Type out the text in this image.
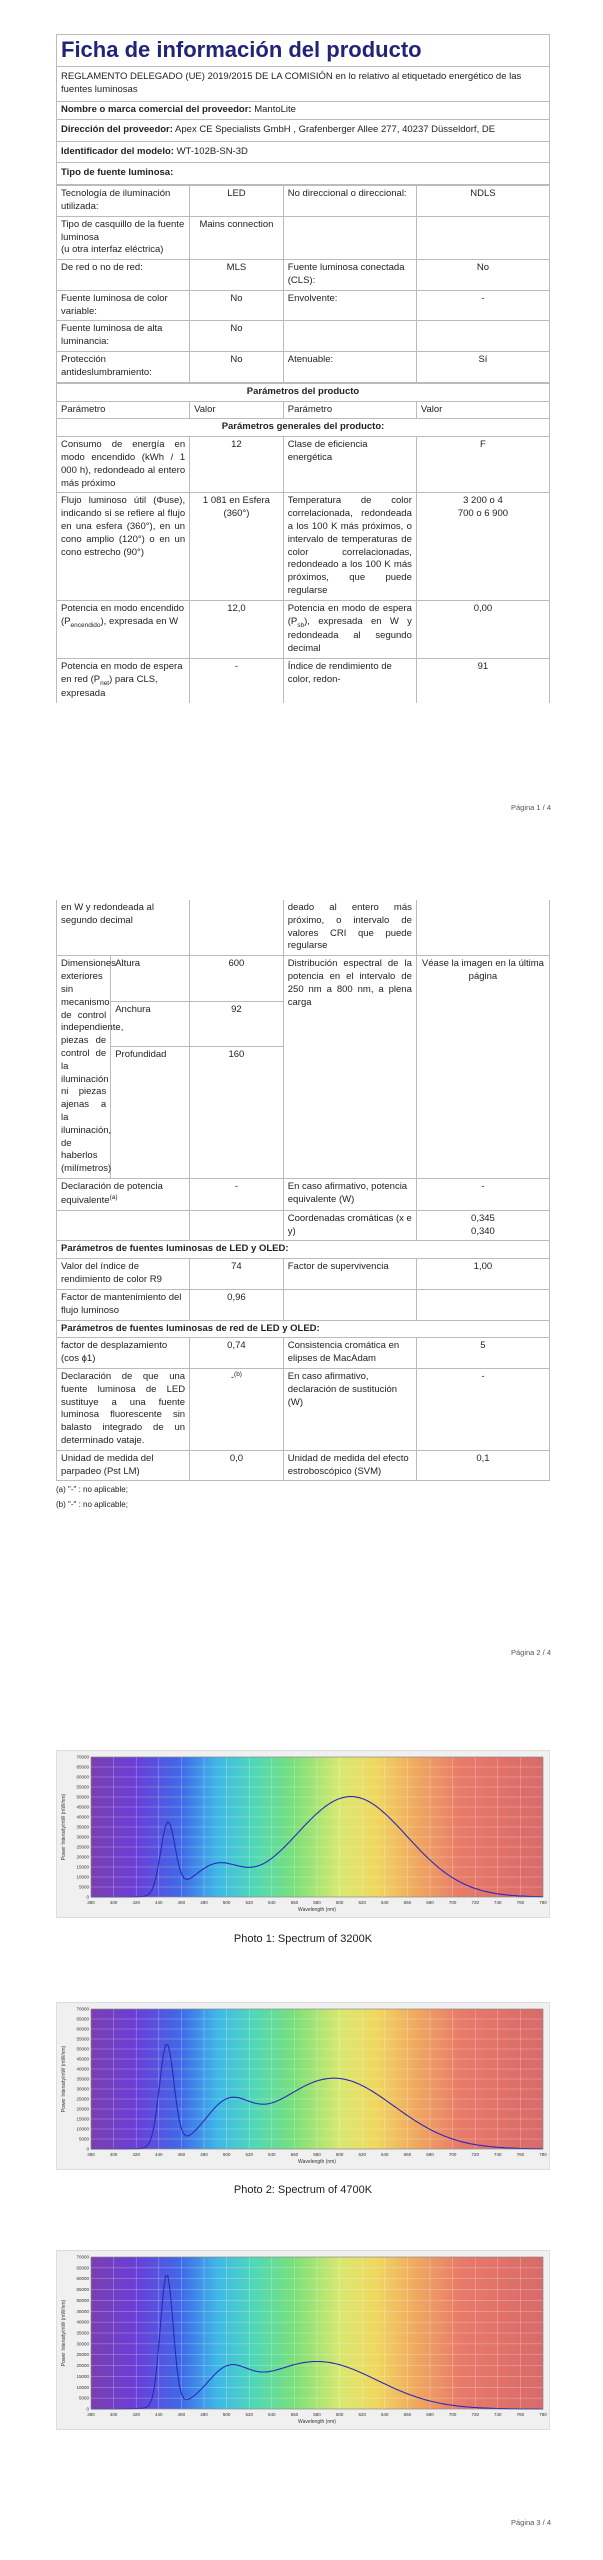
Ficha de información del producto
REGLAMENTO DELEGADO (UE) 2019/2015 DE LA COMISIÓN en lo relativo al etiquetado energético de las fuentes luminosas
Nombre o marca comercial del proveedor: MantoLite
Dirección del proveedor: Apex CE Specialists GmbH , Grafenberger Allee 277, 40237 Düsseldorf, DE
Identificador del modelo: WT-102B-SN-3D
Tipo de fuente luminosa:
Tecnología de iluminación utilizada:	LED	No direccional o direccional:	NDLS
Tipo de casquillo de la fuente luminosa
(u otra interfaz eléctrica)	Mains connection		
De red o no de red:	MLS	Fuente luminosa conectada (CLS):	No
Fuente luminosa de color variable:	No	Envolvente:	-
Fuente luminosa de alta luminancia:	No		
Protección antideslumbramiento:	No	Atenuable:	Sí
Parámetros del producto			
Parámetro	Valor	Parámetro	Valor
Parámetros generales del producto:			
Consumo de energía en modo encendido (kWh / 1 000 h), redondeado al entero más próximo	12	Clase de eficiencia energética	F
Flujo luminoso útil (Φuse), indicando si se refiere al flujo en una esfera (360°), en un cono amplio (120°) o en un cono estrecho (90°)	1 081 en Esfera (360°)	Temperatura de color correlacionada, redondeada a los 100 K más próximos, o intervalo de temperaturas de color correlacionadas, redondeado a los 100 K más próximos, que puede regularse	3 200 o 4
700 o 6 900
Potencia en modo encendido $(P_{encendido})$, expresada en W	12,0	Potencia en modo de espera $(P_{sb})$, expresada en W y redondeada al segundo decimal	0,00
Potencia en modo de espera en red $(P_{net})$ para CLS, expresada	-	Índice de rendimiento de color, redon-	91
Página 1 / 4
en W y redondeada al segundo decimal			deado al entero más próximo, o intervalo de valores CRI que puede regularse	
Dimensiones exteriores sin mecanismo de control independiente, piezas de control de la iluminación ni piezas ajenas a la iluminación, de haberlos (milímetros)	Altura	600	Distribución espectral de la potencia en el intervalo de 250 nm a 800 nm, a plena carga	Véase la imagen en la última página
	Anchura	92		
	Profundidad	160		
Declaración de potencia equivalente$^{(a)}$		-	En caso afirmativo, potencia equivalente (W)	-
			Coordenadas cromáticas (x e y)	0,345
0,340
Parámetros de fuentes luminosas de LED y OLED:				
Valor del índice de rendimiento de color R9		74	Factor de supervivencia	1,00
Factor de mantenimiento del flujo luminoso		0,96		
Parámetros de fuentes luminosas de red de LED y OLED:				
factor de desplazamiento (cos ϕ1)		0,74	Consistencia cromática en elipses de MacAdam	5
Declaración de que una fuente luminosa de LED sustituye a una fuente luminosa fluorescente sin balasto integrado de un determinado vataje.		-$^{(b)}$	En caso afirmativo, declaración de sustitución (W)	-
Unidad de medida del parpadeo (Pst LM)		0,0	Unidad de medida del efecto estroboscópico (SVM)	0,1
(a) "-" : no aplicable;
(b) "-" : no aplicable;
Página 2 / 4
70000
65000
60000
55000
50000
45000
40000
35000
30000
25000
20000
15000
10000
5000
0
380	400	420	440	460	480	500	520	540	560	580	600	620	640	660	680	700	720	740	760	780
Wavelength (nm)
Power Intensity/mW (mW/nm)
Photo 1: Spectrum of 3200K
70000
65000
60000
55000
50000
45000
40000
35000
30000
25000
20000
15000
10000
5000
0
380	400	420	440	460	480	500	520	540	560	580	600	620	640	660	680	700	720	740	760	780
Wavelength (nm)
Power Intensity/mW (mW/nm)
Photo 2: Spectrum of 4700K
70000
65000
60000
55000
50000
45000
40000
35000
30000
25000
20000
15000
10000
5000
0
380	400	420	440	460	480	500	520	540	560	580	600	620	640	660	680	700	720	740	760	780
Wavelength (nm)
Power Intensity/mW (mW/nm)
Página 3 / 4
